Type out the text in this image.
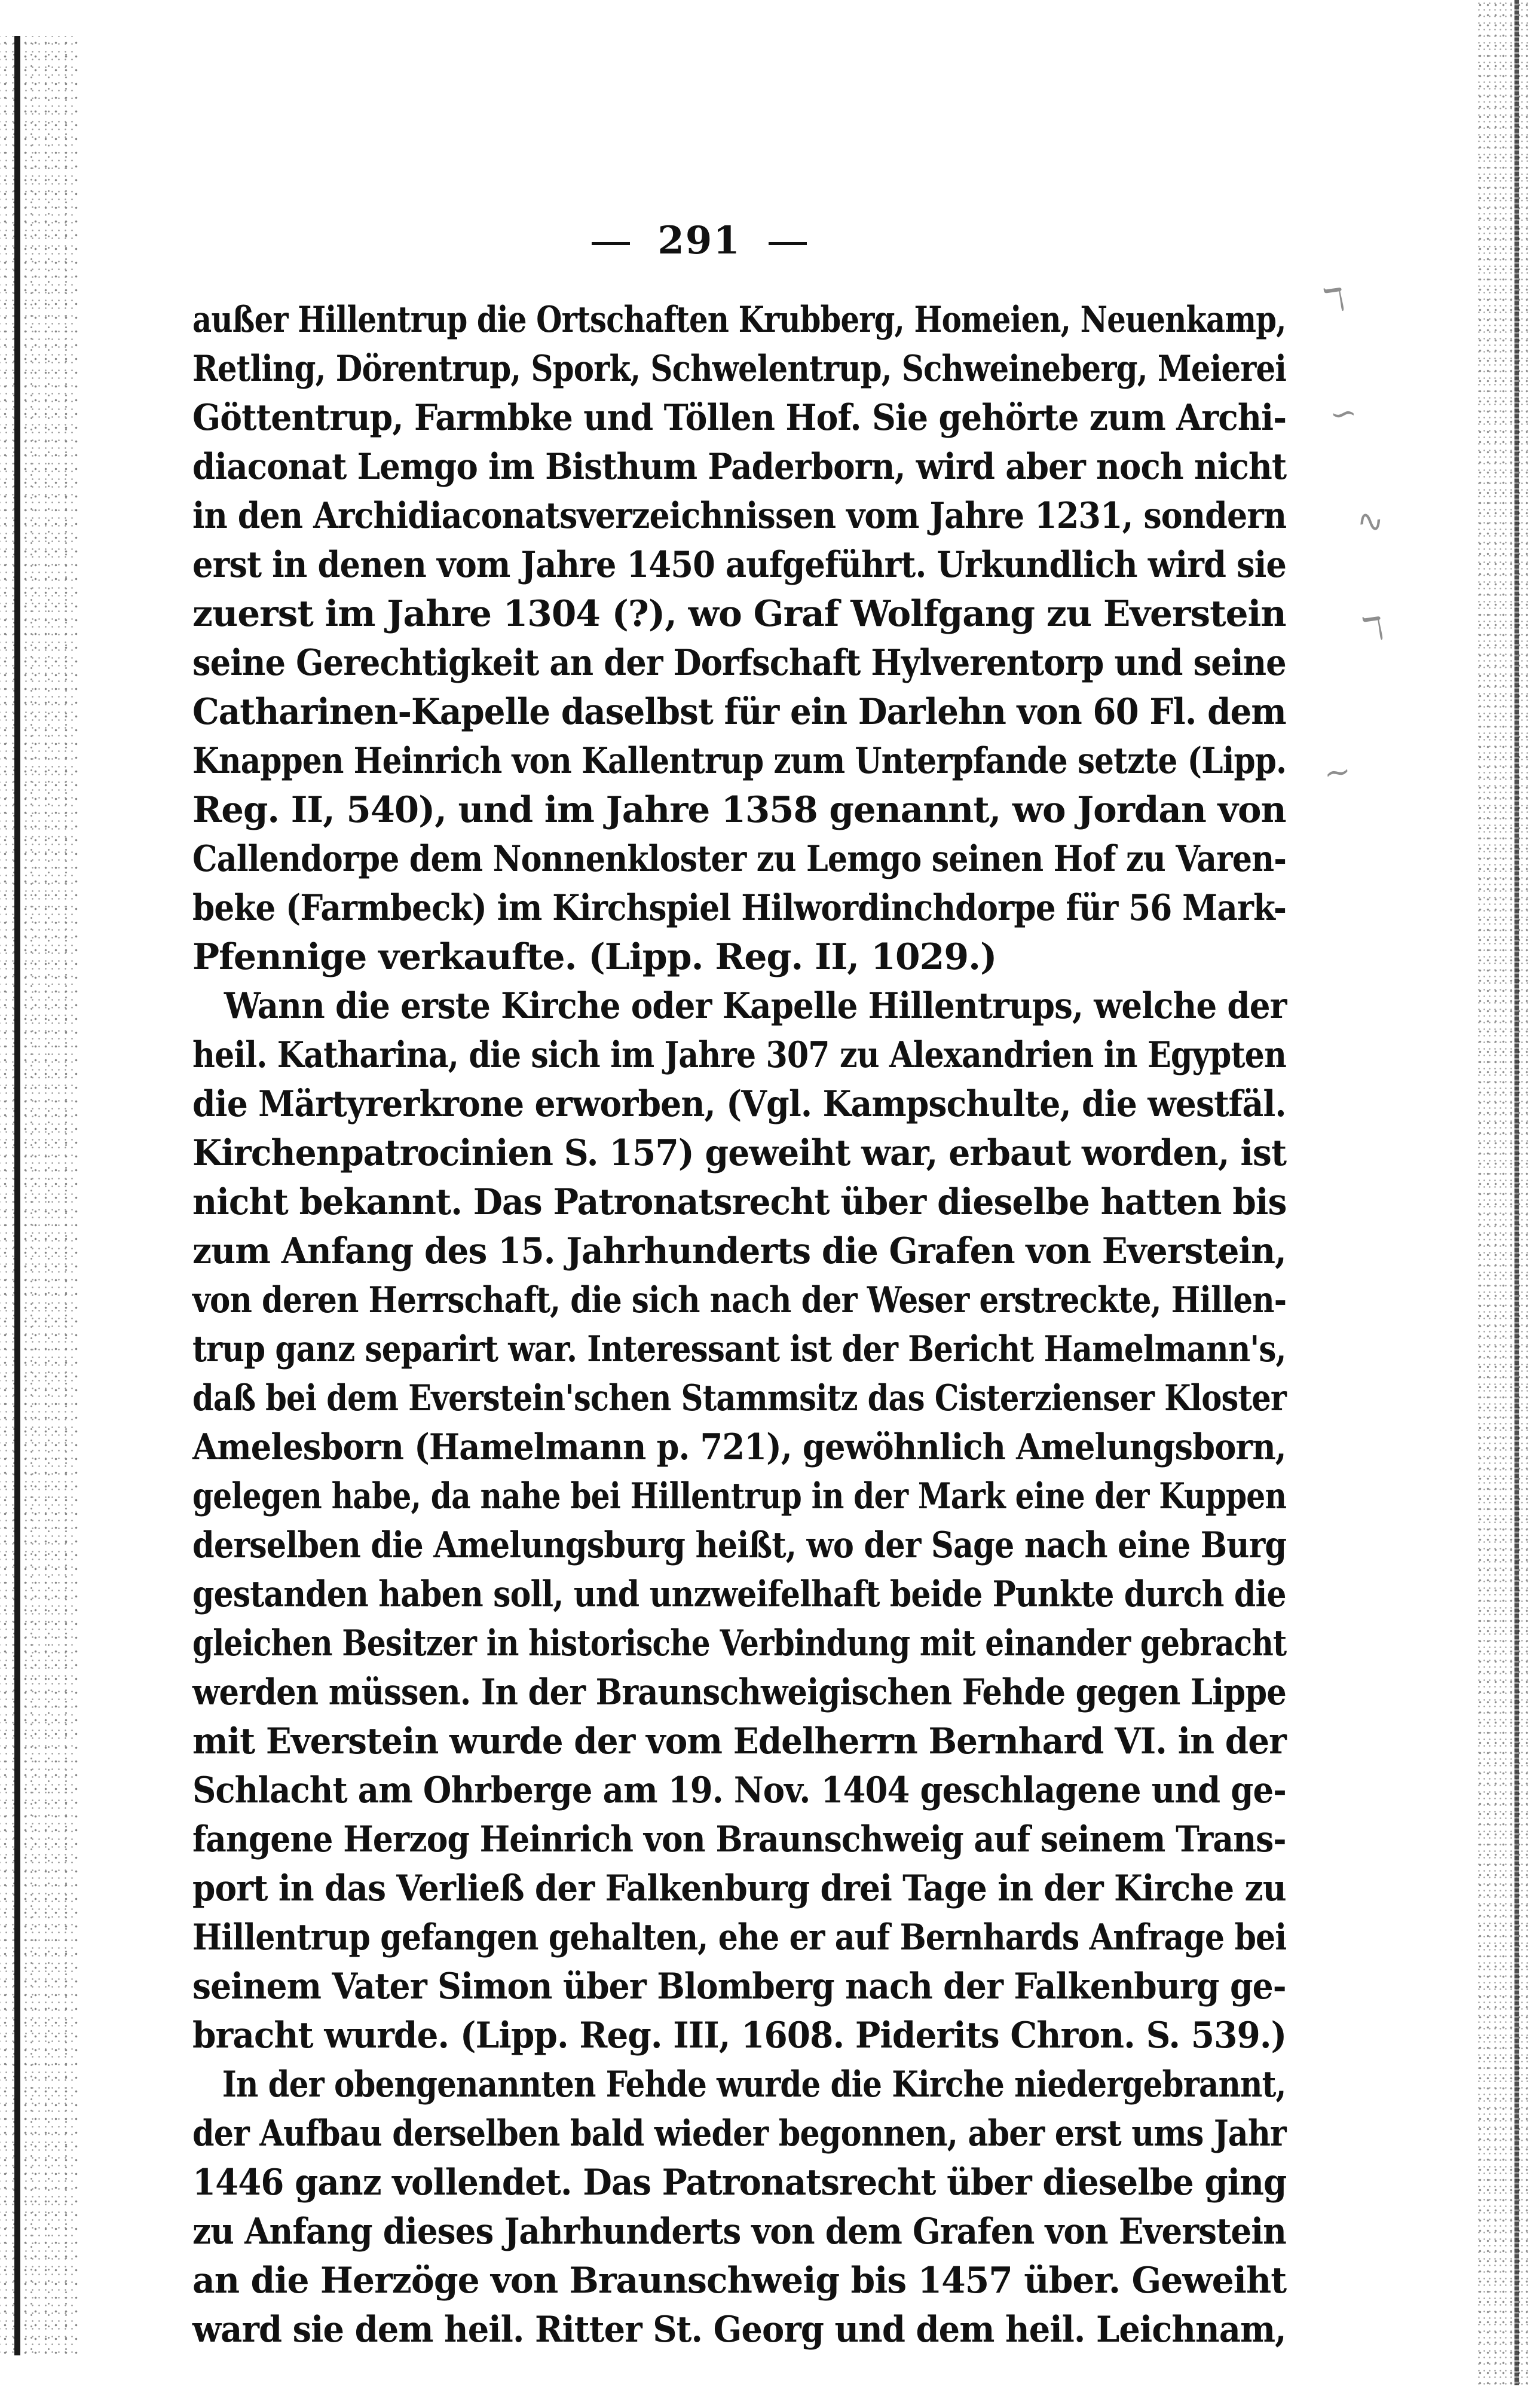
ℸ
∽
∿
ℸ
∼
291
außer Hillentrup die Ortschaften Krubberg, Homeien, Neuenkamp,
Retling, Dörentrup, Spork, Schwelentrup, Schweineberg, Meierei
Göttentrup, Farmbke und Töllen Hof. Sie gehörte zum Archi-
diaconat Lemgo im Bisthum Paderborn, wird aber noch nicht
in den Archidiaconatsverzeichnissen vom Jahre 1231, sondern
erst in denen vom Jahre 1450 aufgeführt. Urkundlich wird sie
zuerst im Jahre 1304 (?), wo Graf Wolfgang zu Everstein
seine Gerechtigkeit an der Dorfschaft Hylverentorp und seine
Catharinen-Kapelle daselbst für ein Darlehn von 60 Fl. dem
Knappen Heinrich von Kallentrup zum Unterpfande setzte (Lipp.
Reg. II, 540), und im Jahre 1358 genannt, wo Jordan von
Callendorpe dem Nonnenkloster zu Lemgo seinen Hof zu Varen-
beke (Farmbeck) im Kirchspiel Hilwordinchdorpe für 56 Mark-
Pfennige verkaufte. (Lipp. Reg. II, 1029.)
Wann die erste Kirche oder Kapelle Hillentrups, welche der
heil. Katharina, die sich im Jahre 307 zu Alexandrien in Egypten
die Märtyrerkrone erworben, (Vgl. Kampschulte, die westfäl.
Kirchenpatrocinien S. 157) geweiht war, erbaut worden, ist
nicht bekannt. Das Patronatsrecht über dieselbe hatten bis
zum Anfang des 15. Jahrhunderts die Grafen von Everstein,
von deren Herrschaft, die sich nach der Weser erstreckte, Hillen-
trup ganz separirt war. Interessant ist der Bericht Hamelmann's,
daß bei dem Everstein'schen Stammsitz das Cisterzienser Kloster
Amelesborn (Hamelmann p. 721), gewöhnlich Amelungsborn,
gelegen habe, da nahe bei Hillentrup in der Mark eine der Kuppen
derselben die Amelungsburg heißt, wo der Sage nach eine Burg
gestanden haben soll, und unzweifelhaft beide Punkte durch die
gleichen Besitzer in historische Verbindung mit einander gebracht
werden müssen. In der Braunschweigischen Fehde gegen Lippe
mit Everstein wurde der vom Edelherrn Bernhard VI. in der
Schlacht am Ohrberge am 19. Nov. 1404 geschlagene und ge-
fangene Herzog Heinrich von Braunschweig auf seinem Trans-
port in das Verließ der Falkenburg drei Tage in der Kirche zu
Hillentrup gefangen gehalten, ehe er auf Bernhards Anfrage bei
seinem Vater Simon über Blomberg nach der Falkenburg ge-
bracht wurde. (Lipp. Reg. III, 1608. Piderits Chron. S. 539.)
In der obengenannten Fehde wurde die Kirche niedergebrannt,
der Aufbau derselben bald wieder begonnen, aber erst ums Jahr
1446 ganz vollendet. Das Patronatsrecht über dieselbe ging
zu Anfang dieses Jahrhunderts von dem Grafen von Everstein
an die Herzöge von Braunschweig bis 1457 über. Geweiht
ward sie dem heil. Ritter St. Georg und dem heil. Leichnam,
